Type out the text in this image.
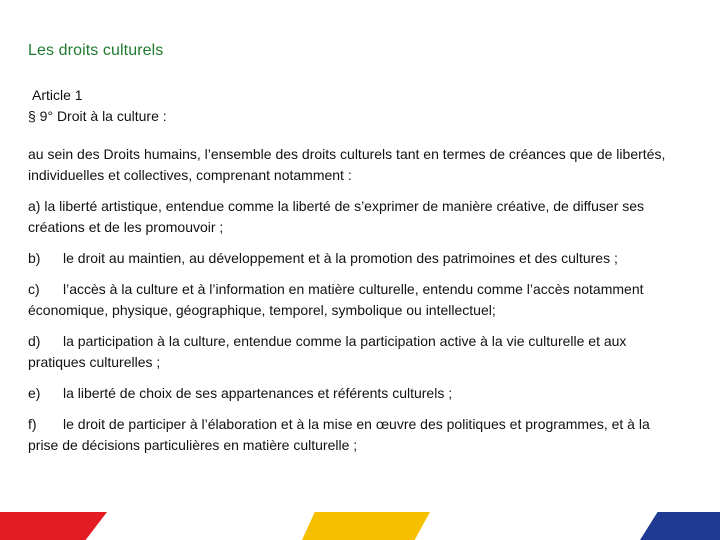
Les droits culturels
Article 1
§ 9° Droit à la culture :

au sein des Droits humains, l’ensemble des droits culturels tant en termes de créances que de libertés, individuelles et collectives, comprenant notamment :

a) la liberté artistique, entendue comme la liberté de s’exprimer de manière créative, de diffuser ses créations et de les promouvoir ;

b) le droit au maintien, au développement et à la promotion des patrimoines et des cultures ;

c) l’accès à la culture et à l’information en matière culturelle, entendu comme l’accès notamment économique, physique, géographique, temporel, symbolique ou intellectuel;

d) la participation à la culture, entendue comme la participation active à la vie culturelle et aux pratiques culturelles ;

e) la liberté de choix de ses appartenances et référents culturels ;

f) le droit de participer à l’élaboration et à la mise en œuvre des politiques et programmes, et à la prise de décisions particulières en matière culturelle ;
